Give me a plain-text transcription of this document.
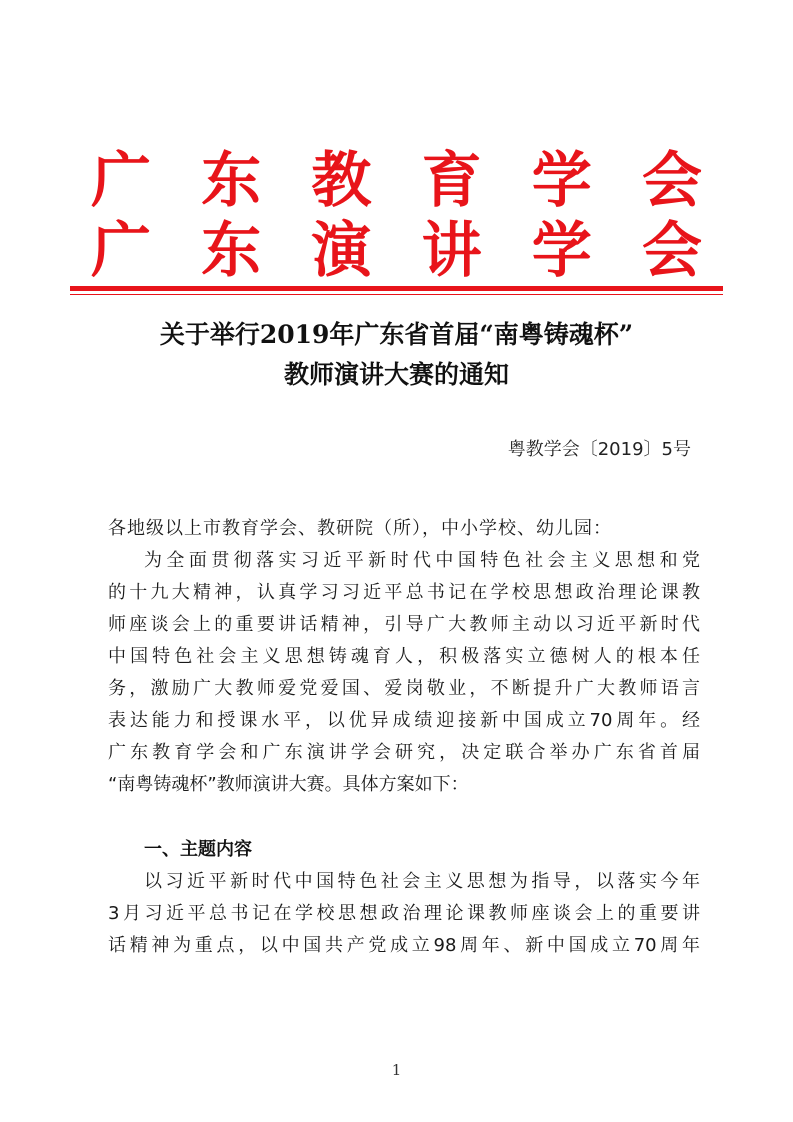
广 东 教 育 学 会
广 东 演 讲 学 会
关于举行2019年广东省首届“南粤铸魂杯”
教师演讲大赛的通知
粤教学会〔2019〕5号
各地级以上市教育学会、教研院（所），中小学校、幼儿园：
为全面贯彻落实习近平新时代中国特色社会主义思想和党
的十九大精神，认真学习习近平总书记在学校思想政治理论课教
师座谈会上的重要讲话精神，引导广大教师主动以习近平新时代
中国特色社会主义思想铸魂育人，积极落实立德树人的根本任
务，激励广大教师爱党爱国、爱岗敬业，不断提升广大教师语言
表达能力和授课水平，以优异成绩迎接新中国成立70周年。经
广东教育学会和广东演讲学会研究，决定联合举办广东省首届
“南粤铸魂杯”教师演讲大赛。具体方案如下：
一、主题内容
以习近平新时代中国特色社会主义思想为指导，以落实今年
3月习近平总书记在学校思想政治理论课教师座谈会上的重要讲
话精神为重点，以中国共产党成立98周年、新中国成立70周年
1
